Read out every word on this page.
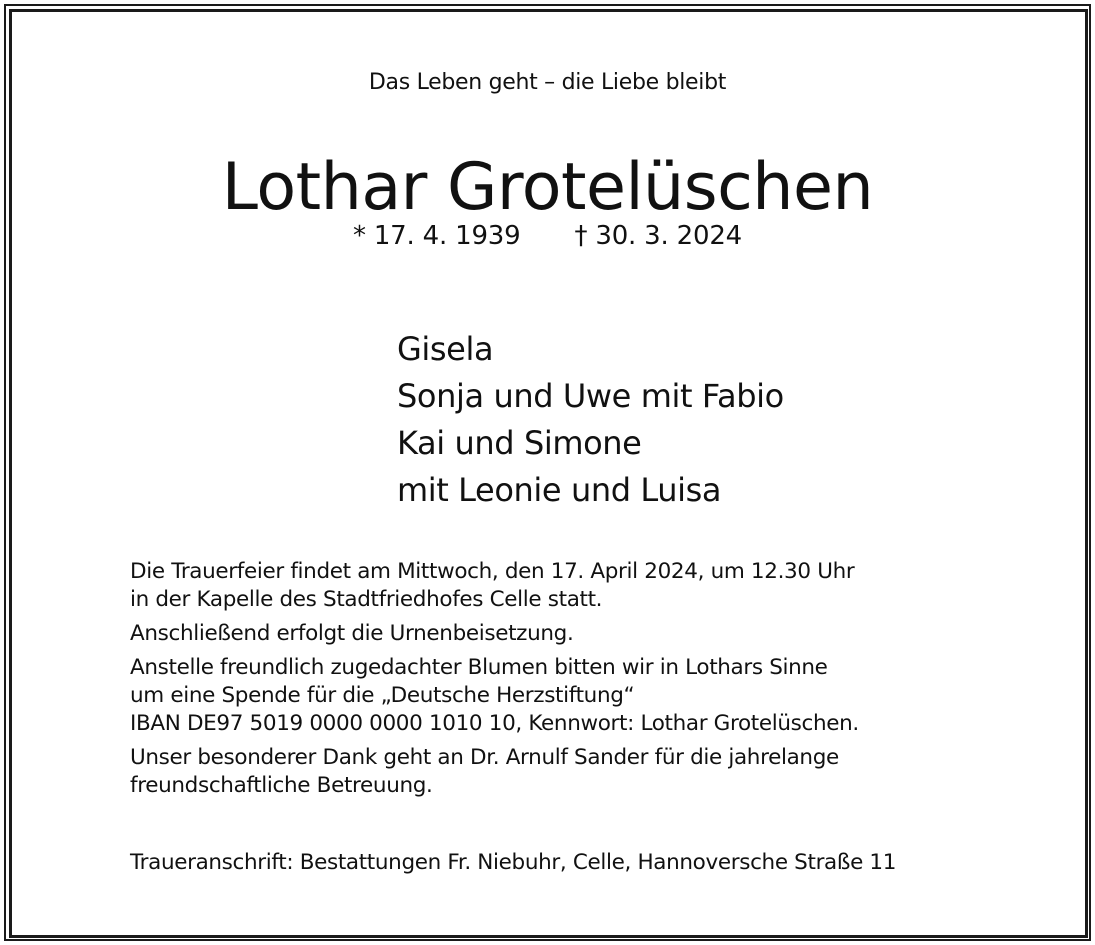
Das Leben geht – die Liebe bleibt
Lothar Grotelüschen
* 17. 4. 1939 † 30. 3. 2024
Gisela
Sonja und Uwe mit Fabio
Kai und Simone
mit Leonie und Luisa
Die Trauerfeier findet am Mittwoch, den 17. April 2024, um 12.30 Uhr
in der Kapelle des Stadtfriedhofes Celle statt.
Anschließend erfolgt die Urnenbeisetzung.
Anstelle freundlich zugedachter Blumen bitten wir in Lothars Sinne
um eine Spende für die „Deutsche Herzstiftung“
IBAN DE97 5019 0000 0000 1010 10, Kennwort: Lothar Grotelüschen.
Unser besonderer Dank geht an Dr. Arnulf Sander für die jahrelange
freundschaftliche Betreuung.
Traueranschrift: Bestattungen Fr. Niebuhr, Celle, Hannoversche Straße 11
